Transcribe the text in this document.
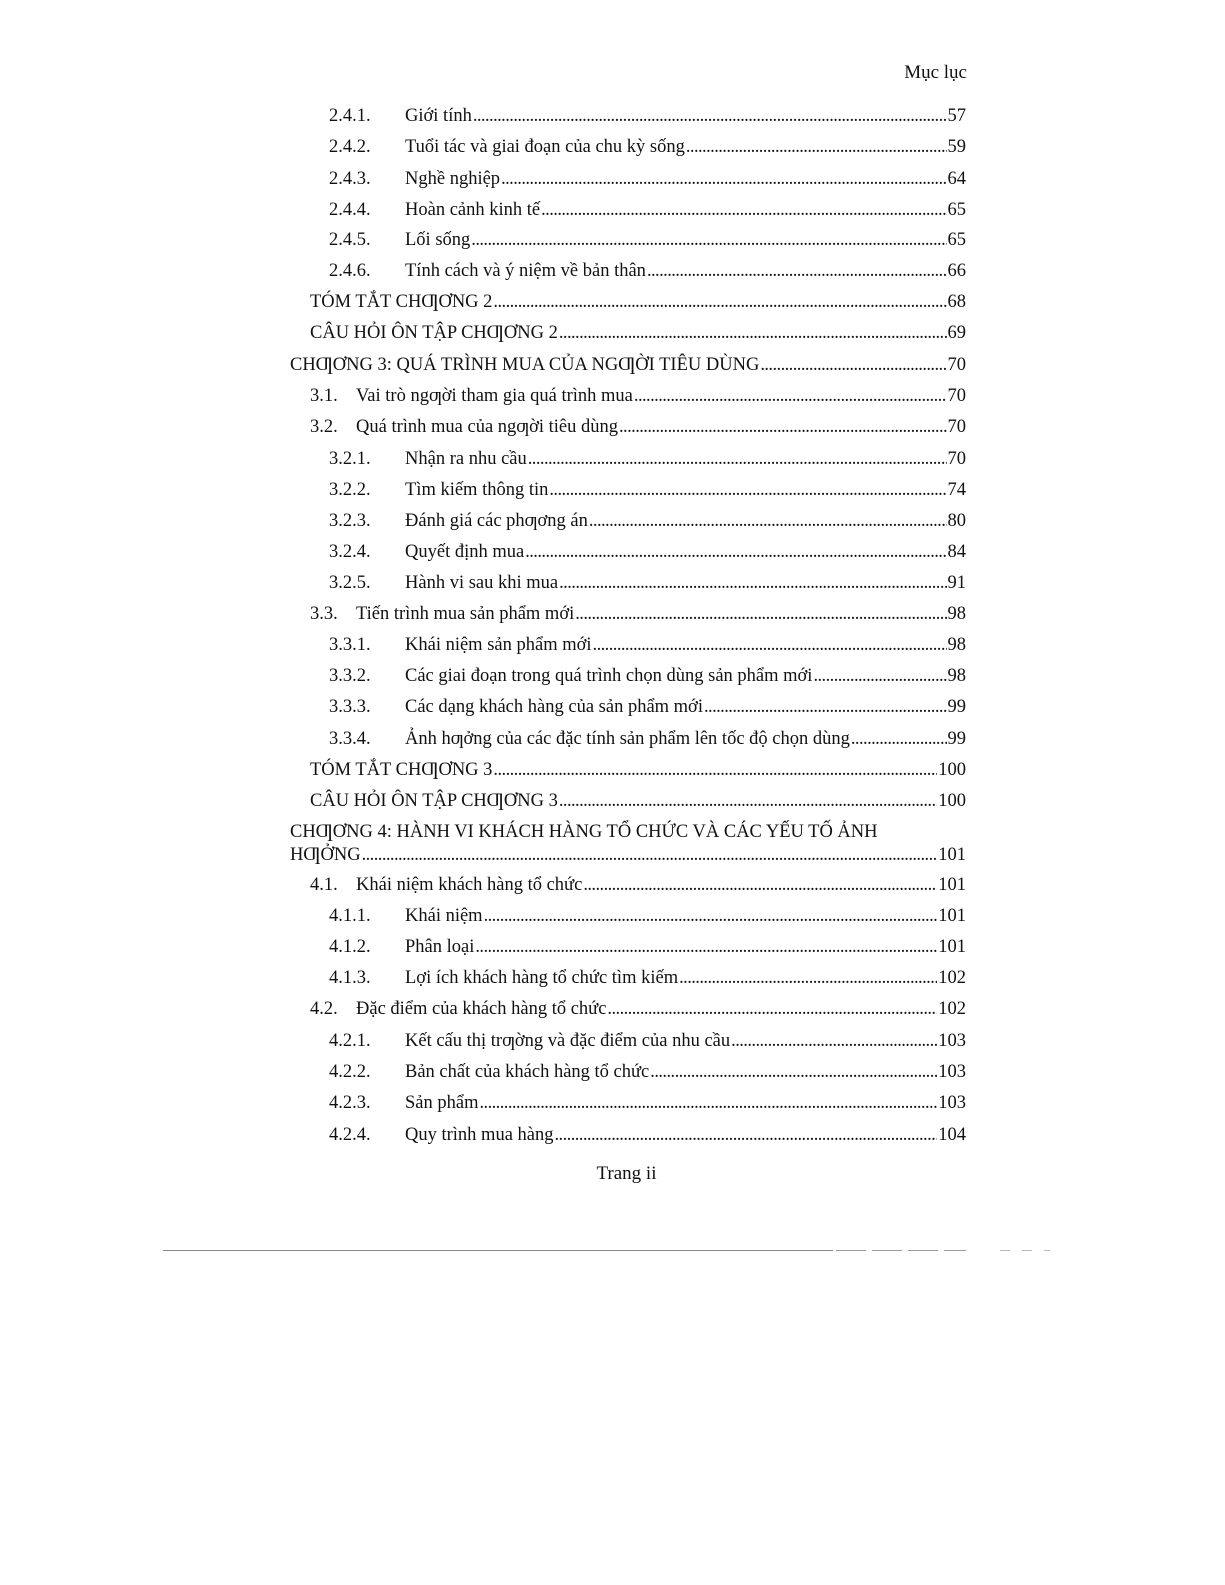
Mục lục
2.4.1.	Giới tính . . .	57
2.4.2.	Tuổi tác và giai đoạn của chu kỳ sống . . .	59
2.4.3.	Nghề nghiệp . . .	64
2.4.4.	Hoàn cảnh kinh tế . . .	65
2.4.5.	Lối sống . . .	65
2.4.6.	Tính cách và ý niệm về bản thân . . .	66
TÓM TẮT CHƢƠNG 2 . . .	68
CÂU HỎI ÔN TẬP CHƢƠNG 2 . . .	69
CHƢƠNG 3: QUÁ TRÌNH MUA CỦA NGƢỜI TIÊU DÙNG . . .	70
3.1. Vai trò ngƣời tham gia quá trình mua . . .	70
3.2. Quá trình mua của ngƣời tiêu dùng . . .	70
3.2.1.	Nhận ra nhu cầu . . .	70
3.2.2.	Tìm kiếm thông tin . . .	74
3.2.3.	Đánh giá các phƣơng án . . .	80
3.2.4.	Quyết định mua . . .	84
3.2.5.	Hành vi sau khi mua . . .	91
3.3. Tiến trình mua sản phẩm mới . . .	98
3.3.1.	Khái niệm sản phẩm mới . . .	98
3.3.2.	Các giai đoạn trong quá trình chọn dùng sản phẩm mới . . .	98
3.3.3.	Các dạng khách hàng của sản phẩm mới . . .	99
3.3.4.	Ảnh hƣởng của các đặc tính sản phẩm lên tốc độ chọn dùng . . .	99
TÓM TẮT CHƢƠNG 3 . . .	100
CÂU HỎI ÔN TẬP CHƢƠNG 3 . . .	100
CHƢƠNG 4: HÀNH VI KHÁCH HÀNG TỔ CHỨC VÀ CÁC YẾU TỐ ẢNH
HƢỞNG . . .	101
4.1. Khái niệm khách hàng tổ chức . . .	101
4.1.1.	Khái niệm . . .	101
4.1.2.	Phân loại . . .	101
4.1.3.	Lợi ích khách hàng tổ chức tìm kiếm . . .	102
4.2. Đặc điểm của khách hàng tổ chức . . .	102
4.2.1.	Kết cấu thị trƣờng và đặc điểm của nhu cầu . . .	103
4.2.2.	Bản chất của khách hàng tổ chức . . .	103
4.2.3.	Sản phẩm . . .	103
4.2.4.	Quy trình mua hàng . . .	104
Trang ii
